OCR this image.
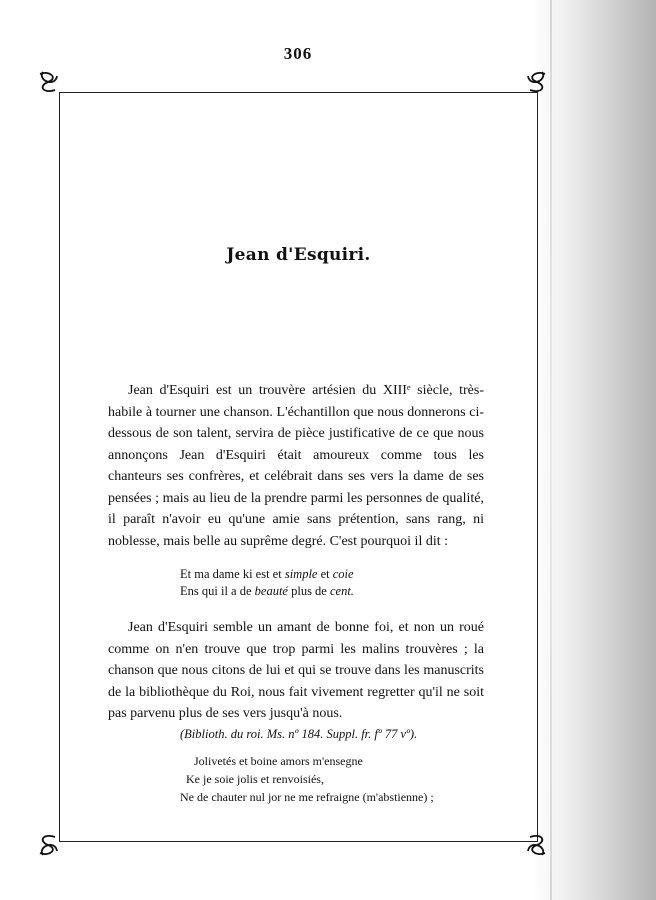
306
Jean d'Esquiri.

Jean d'Esquiri est un trouvère artésien du XIIIᵉ siècle, très-habile à tourner une chanson. L'échantillon que nous donnerons ci-dessous de son talent, servira de pièce justificative de ce que nous annonçons Jean d'Esquiri était amoureux comme tous les chanteurs ses confrères, et celébrait dans ses vers la dame de ses pensées ; mais au lieu de la prendre parmi les personnes de qualité, il paraît n'avoir eu qu'une amie sans prétention, sans rang, ni noblesse, mais belle au suprême degré. C'est pourquoi il dit :

Et ma dame ki est et simple et coie
Ens qui il a de beauté plus de cent.

Jean d'Esquiri semble un amant de bonne foi, et non un roué comme on n'en trouve que trop parmi les malins trouvères ; la chanson que nous citons de lui et qui se trouve dans les manuscrits de la bibliothèque du Roi, nous fait vivement regretter qu'il ne soit pas parvenu plus de ses vers jusqu'à nous.

(Biblioth. du roi. Ms. nº 184. Suppl. fr. fº 77 vº).
Jolivetés et boine amors m'ensegne
Ke je soie jolis et renvoisiés,
Ne de chauter nul jor ne me refraigne (m'abstienne) ;
